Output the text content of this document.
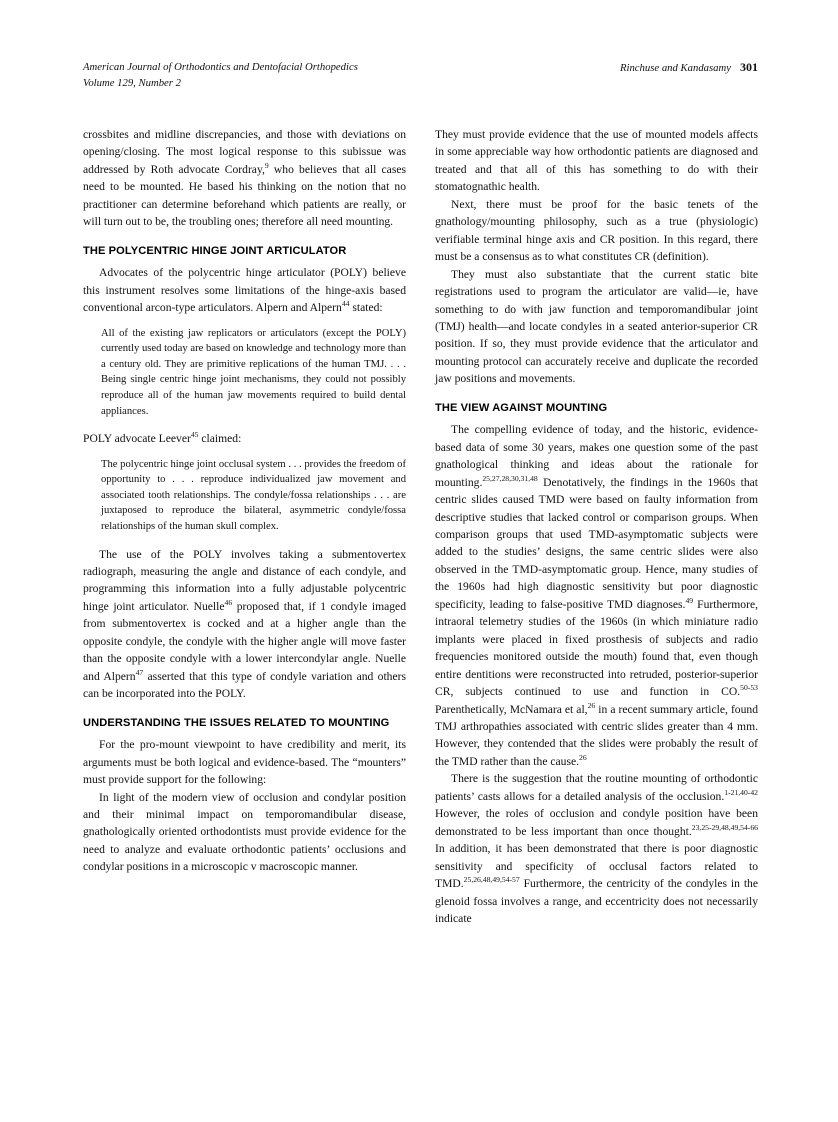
American Journal of Orthodontics and Dentofacial Orthopedics
Volume 129, Number 2
Rinchuse and Kandasamy 301

crossbites and midline discrepancies, and those with deviations on opening/closing. The most logical response to this subissue was addressed by Roth advocate Cordray,$^9$ who believes that all cases need to be mounted. He based his thinking on the notion that no practitioner can determine beforehand which patients are really, or will turn out to be, the troubling ones; therefore all need mounting.

THE POLYCENTRIC HINGE JOINT ARTICULATOR

Advocates of the polycentric hinge articulator (POLY) believe this instrument resolves some limitations of the hinge-axis based conventional arcon-type articulators. Alpern and Alpern$^{44}$ stated:

All of the existing jaw replicators or articulators (except the POLY) currently used today are based on knowledge and technology more than a century old. They are primitive replications of the human TMJ. . . . Being single centric hinge joint mechanisms, they could not possibly reproduce all of the human jaw movements required to build dental appliances.

POLY advocate Leever$^{45}$ claimed:

The polycentric hinge joint occlusal system . . . provides the freedom of opportunity to . . . reproduce individualized jaw movement and associated tooth relationships. The condyle/fossa relationships . . . are juxtaposed to reproduce the bilateral, asymmetric condyle/fossa relationships of the human skull complex.

The use of the POLY involves taking a submentovertex radiograph, measuring the angle and distance of each condyle, and programming this information into a fully adjustable polycentric hinge joint articulator. Nuelle$^{46}$ proposed that, if 1 condyle imaged from submentovertex is cocked and at a higher angle than the opposite condyle, the condyle with the higher angle will move faster than the opposite condyle with a lower intercondylar angle. Nuelle and Alpern$^{47}$ asserted that this type of condyle variation and others can be incorporated into the POLY.

UNDERSTANDING THE ISSUES RELATED TO MOUNTING

For the pro-mount viewpoint to have credibility and merit, its arguments must be both logical and evidence-based. The “mounters” must provide support for the following:

In light of the modern view of occlusion and condylar position and their minimal impact on temporomandibular disease, gnathologically oriented orthodontists must provide evidence for the need to analyze and evaluate orthodontic patients’ occlusions and condylar positions in a microscopic v macroscopic manner.

They must provide evidence that the use of mounted models affects in some appreciable way how orthodontic patients are diagnosed and treated and that all of this has something to do with their stomatognathic health.

Next, there must be proof for the basic tenets of the gnathology/mounting philosophy, such as a true (physiologic) verifiable terminal hinge axis and CR position. In this regard, there must be a consensus as to what constitutes CR (definition).

They must also substantiate that the current static bite registrations used to program the articulator are valid—ie, have something to do with jaw function and temporomandibular joint (TMJ) health—and locate condyles in a seated anterior-superior CR position. If so, they must provide evidence that the articulator and mounting protocol can accurately receive and duplicate the recorded jaw positions and movements.

THE VIEW AGAINST MOUNTING

The compelling evidence of today, and the historic, evidence-based data of some 30 years, makes one question some of the past gnathological thinking and ideas about the rationale for mounting.$^{25,27,28,30,31,48}$ Denotatively, the findings in the 1960s that centric slides caused TMD were based on faulty information from descriptive studies that lacked control or comparison groups. When comparison groups that used TMD-asymptomatic subjects were added to the studies’ designs, the same centric slides were also observed in the TMD-asymptomatic group. Hence, many studies of the 1960s had high diagnostic sensitivity but poor diagnostic specificity, leading to false-positive TMD diagnoses.$^{49}$ Furthermore, intraoral telemetry studies of the 1960s (in which miniature radio implants were placed in fixed prosthesis of subjects and radio frequencies monitored outside the mouth) found that, even though entire dentitions were reconstructed into retruded, posterior-superior CR, subjects continued to use and function in CO.$^{50-53}$ Parenthetically, McNamara et al,$^{26}$ in a recent summary article, found TMJ arthropathies associated with centric slides greater than 4 mm. However, they contended that the slides were probably the result of the TMD rather than the cause.$^{26}$

There is the suggestion that the routine mounting of orthodontic patients’ casts allows for a detailed analysis of the occlusion.$^{1-21,40-42}$ However, the roles of occlusion and condyle position have been demonstrated to be less important than once thought.$^{23,25-29,48,49,54-66}$ In addition, it has been demonstrated that there is poor diagnostic sensitivity and specificity of occlusal factors related to TMD.$^{25,26,48,49,54-57}$ Furthermore, the centricity of the condyles in the glenoid fossa involves a range, and eccentricity does not necessarily indicate
